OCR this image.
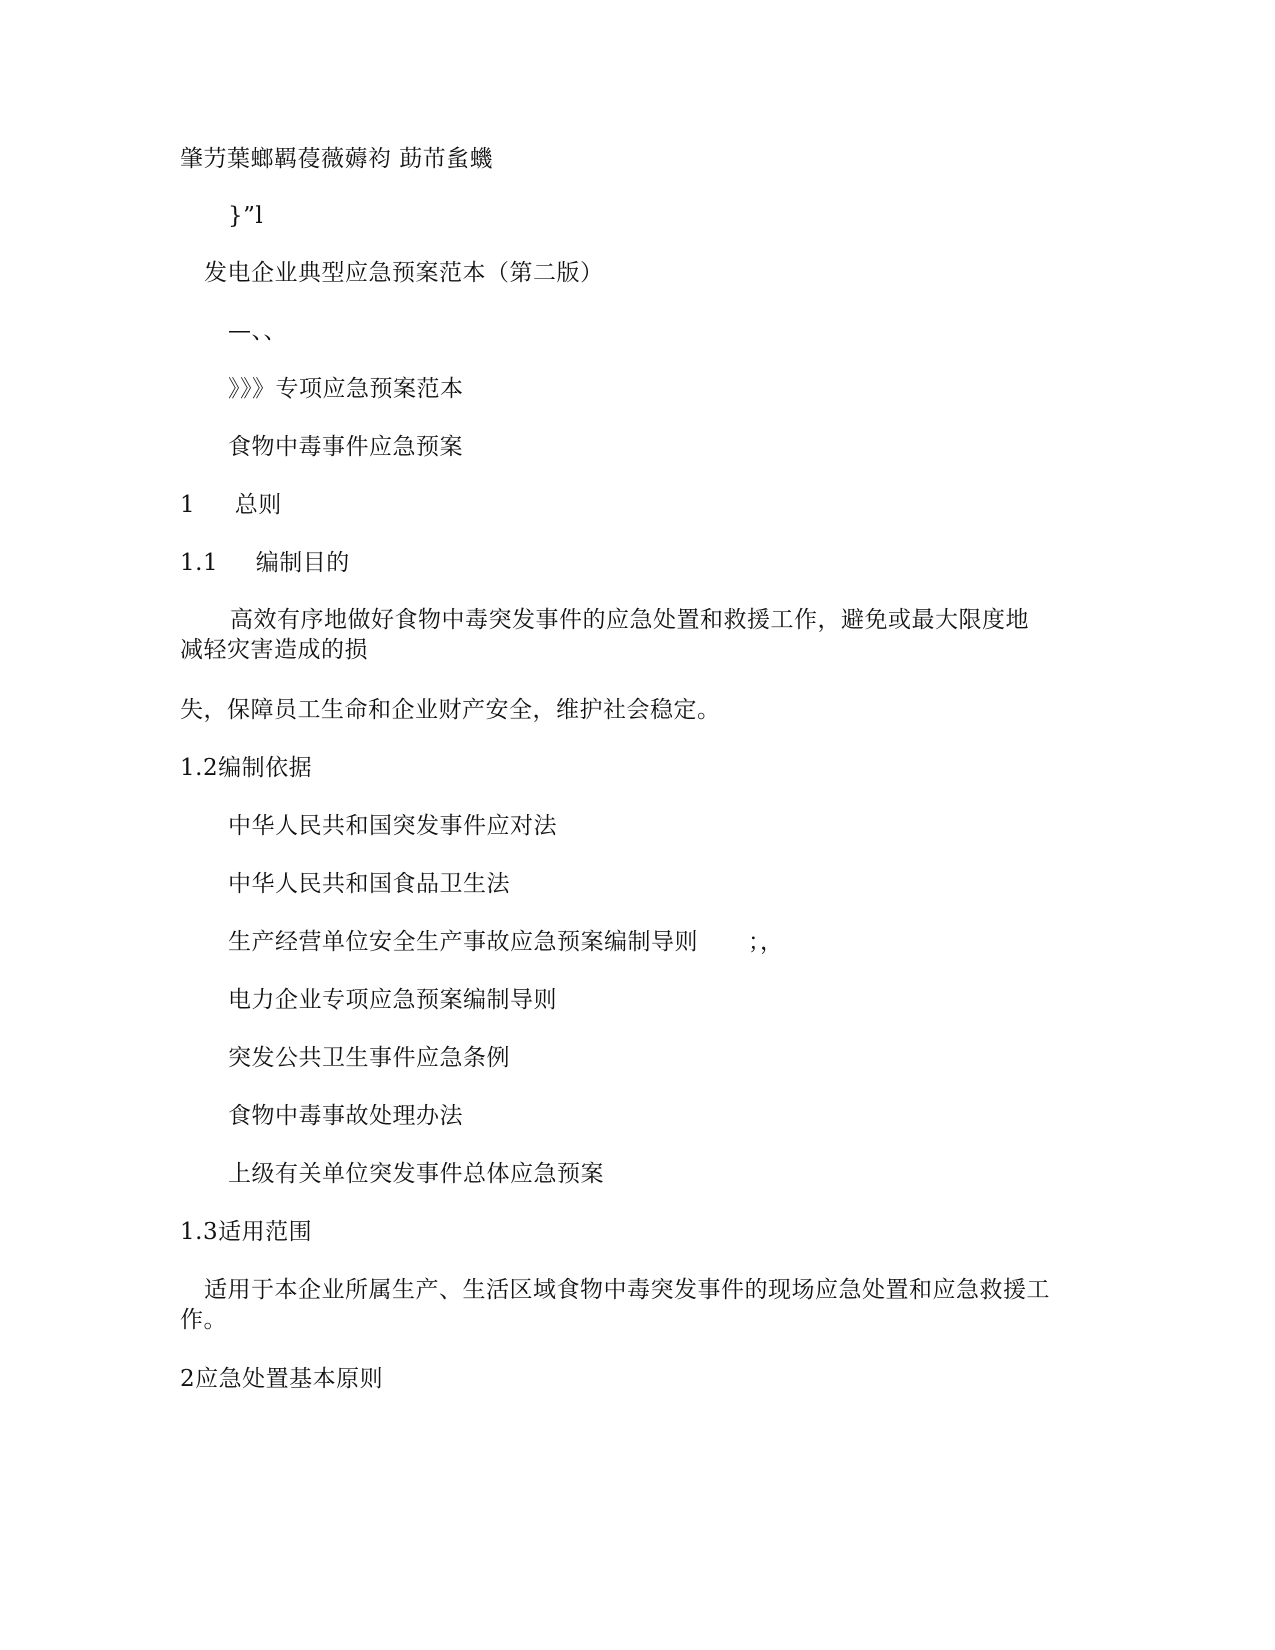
肇芀葉螂羁葠薇薅袀 莇芇蚃蟣
}”l
发电企业典型应急预案范本（第二版）
—、、
》》》专项应急预案范本
食物中毒事件应急预案
1 总则
1.1 编制目的
高效有序地做好食物中毒突发事件的应急处置和救援工作，避免或最大限度地减轻灾害造成的损
失，保障员工生命和企业财产安全，维护社会稳定。
1.2编制依据
中华人民共和国突发事件应对法
中华人民共和国食品卫生法
生产经营单位安全生产事故应急预案编制导则 ；，
电力企业专项应急预案编制导则
突发公共卫生事件应急条例
食物中毒事故处理办法
上级有关单位突发事件总体应急预案
1.3适用范围
适用于本企业所属生产、生活区域食物中毒突发事件的现场应急处置和应急救援工作。
2应急处置基本原则
